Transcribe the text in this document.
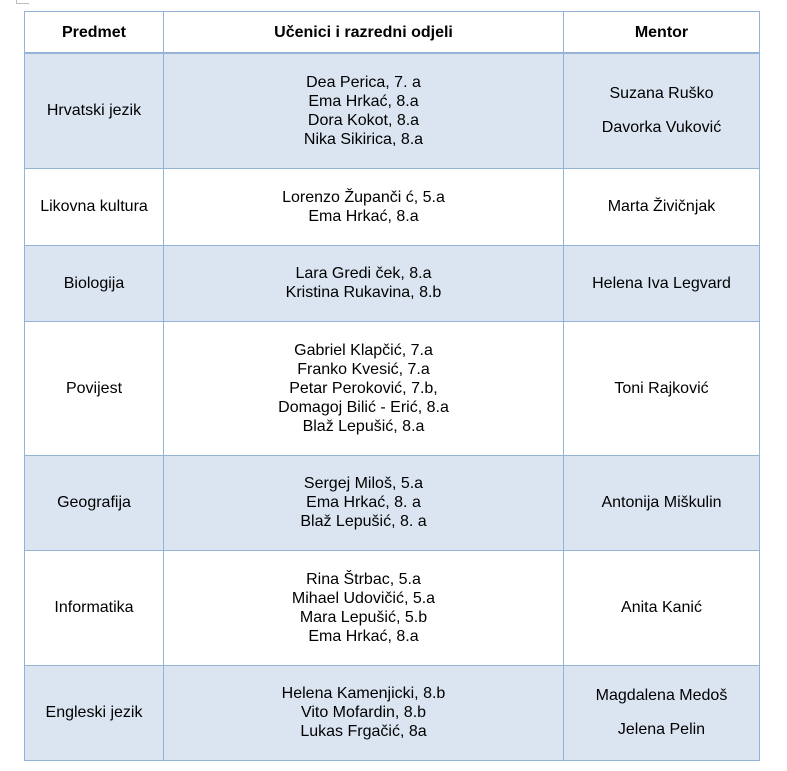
Predmet	Učenici i razredni odjeli	Mentor
Hrvatski jezik	Dea Perica, 7. a
Ema Hrkać, 8.a
Dora Kokot, 8.a
Nika Sikirica, 8.a	Suzana Ruško
Davorka Vuković

Likovna kultura	Lorenzo Županči ć, 5.a
Ema Hrkać, 8.a	Marta Živičnjak

Biologija	Lara Gredi ček, 8.a
Kristina Rukavina, 8.b	Helena Iva Legvard

Povijest	Gabriel Klapčić, 7.a
Franko Kvesić, 7.a
Petar Peroković, 7.b,
Domagoj Bilić - Erić, 8.a
Blaž Lepušić, 8.a	Toni Rajković

Geografija	Sergej Miloš, 5.a
Ema Hrkać, 8. a
Blaž Lepušić, 8. a	Antonija Miškulin

Informatika	Rina Štrbac, 5.a
Mihael Udovičić, 5.a
Mara Lepušić, 5.b
Ema Hrkać, 8.a	Anita Kanić

Engleski jezik	Helena Kamenjicki, 8.b
Vito Mofardin, 8.b
Lukas Frgačić, 8a	Magdalena Medoš
Jelena Pelin
